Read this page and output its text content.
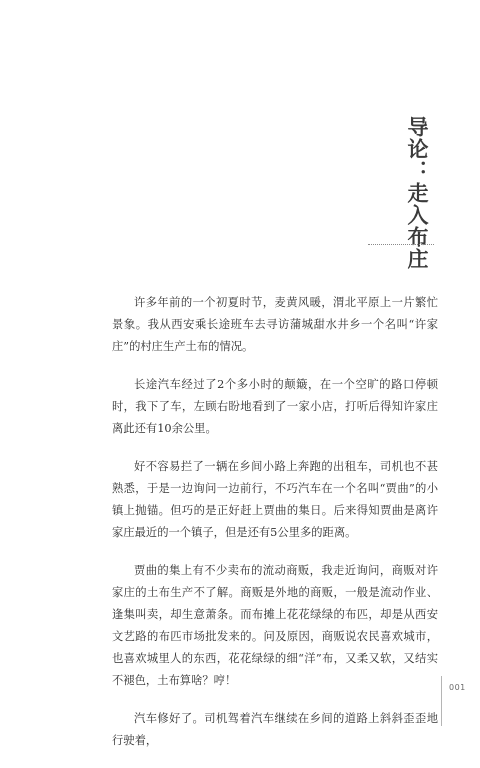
导论：走入布庄

许多年前的一个初夏时节，麦黄风暖，渭北平原上一片繁忙景象。我从西安乘长途班车去寻访蒲城甜水井乡一个名叫“许家庄”的村庄生产土布的情况。

长途汽车经过了2个多小时的颠簸，在一个空旷的路口停顿时，我下了车，左顾右盼地看到了一家小店，打听后得知许家庄离此还有10余公里。

好不容易拦了一辆在乡间小路上奔跑的出租车，司机也不甚熟悉，于是一边询问一边前行，不巧汽车在一个名叫“贾曲”的小镇上抛锚。但巧的是正好赶上贾曲的集日。后来得知贾曲是离许家庄最近的一个镇子，但是还有5公里多的距离。

贾曲的集上有不少卖布的流动商贩，我走近询问，商贩对许家庄的土布生产不了解。商贩是外地的商贩，一般是流动作业、逢集叫卖，却生意萧条。而布摊上花花绿绿的布匹，却是从西安文艺路的布匹市场批发来的。问及原因，商贩说农民喜欢城市，也喜欢城里人的东西，花花绿绿的细“洋”布，又柔又软，又结实不褪色，土布算啥？哼！

汽车修好了。司机驾着汽车继续在乡间的道路上斜斜歪歪地行驶着，

001
